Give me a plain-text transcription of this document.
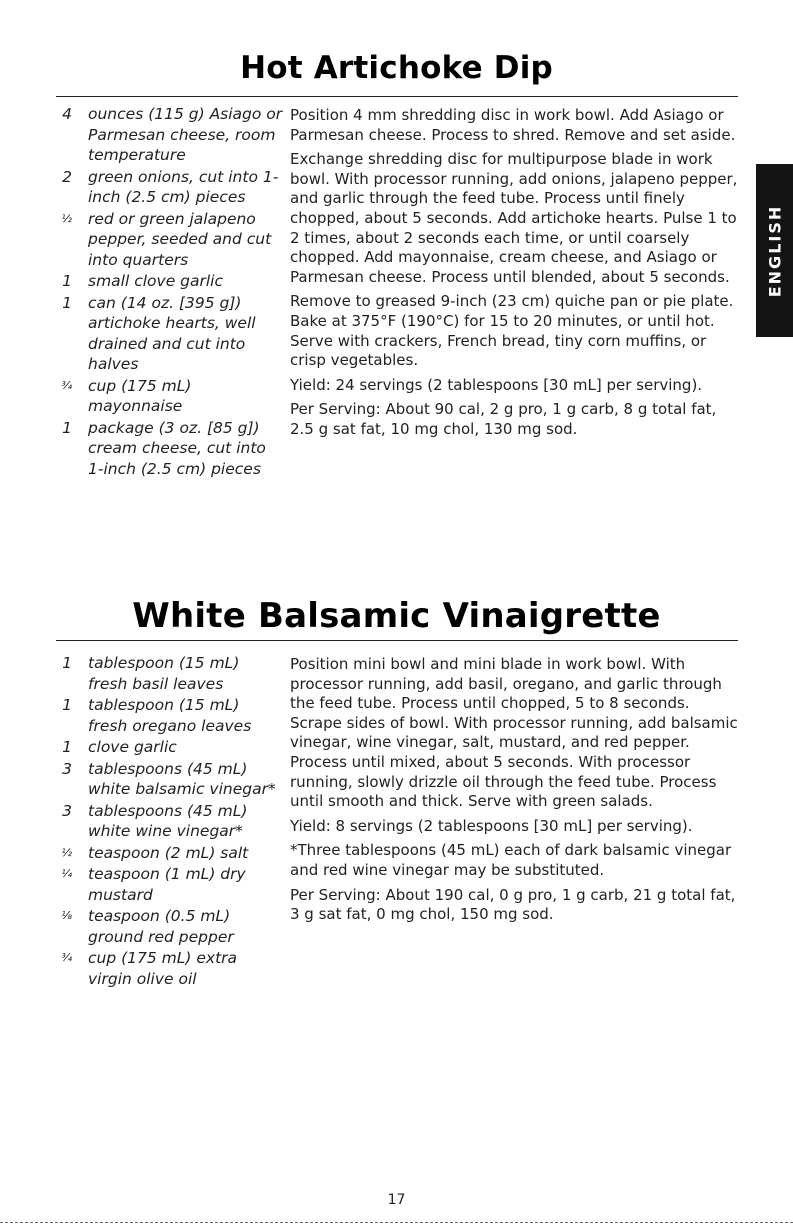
Hot Artichoke Dip
4 ounces (115 g) Asiago or Parmesan cheese, room temperature
2 green onions, cut into 1-inch (2.5 cm) pieces
½ red or green jalapeno pepper, seeded and cut into quarters
1 small clove garlic
1 can (14 oz. [395 g]) artichoke hearts, well drained and cut into halves
¾ cup (175 mL) mayonnaise
1 package (3 oz. [85 g]) cream cheese, cut into 1-inch (2.5 cm) pieces

Position 4 mm shredding disc in work bowl. Add Asiago or Parmesan cheese. Process to shred. Remove and set aside.

Exchange shredding disc for multipurpose blade in work bowl. With processor running, add onions, jalapeno pepper, and garlic through the feed tube. Process until finely chopped, about 5 seconds. Add artichoke hearts. Pulse 1 to 2 times, about 2 seconds each time, or until coarsely chopped. Add mayonnaise, cream cheese, and Asiago or Parmesan cheese. Process until blended, about 5 seconds.

Remove to greased 9-inch (23 cm) quiche pan or pie plate. Bake at 375°F (190°C) for 15 to 20 minutes, or until hot. Serve with crackers, French bread, tiny corn muffins, or crisp vegetables.

Yield: 24 servings (2 tablespoons [30 mL] per serving).

Per Serving: About 90 cal, 2 g pro, 1 g carb, 8 g total fat, 2.5 g sat fat, 10 mg chol, 130 mg sod.

ENGLISH
White Balsamic Vinaigrette
1 tablespoon (15 mL) fresh basil leaves
1 tablespoon (15 mL) fresh oregano leaves
1 clove garlic
3 tablespoons (45 mL) white balsamic vinegar*
3 tablespoons (45 mL) white wine vinegar*
½ teaspoon (2 mL) salt
¼ teaspoon (1 mL) dry mustard
⅛ teaspoon (0.5 mL) ground red pepper
¾ cup (175 mL) extra virgin olive oil

Position mini bowl and mini blade in work bowl. With processor running, add basil, oregano, and garlic through the feed tube. Process until chopped, 5 to 8 seconds. Scrape sides of bowl. With processor running, add balsamic vinegar, wine vinegar, salt, mustard, and red pepper. Process until mixed, about 5 seconds. With processor running, slowly drizzle oil through the feed tube. Process until smooth and thick. Serve with green salads.

Yield: 8 servings (2 tablespoons [30 mL] per serving).

*Three tablespoons (45 mL) each of dark balsamic vinegar and red wine vinegar may be substituted.

Per Serving: About 190 cal, 0 g pro, 1 g carb, 21 g total fat, 3 g sat fat, 0 mg chol, 150 mg sod.

17
